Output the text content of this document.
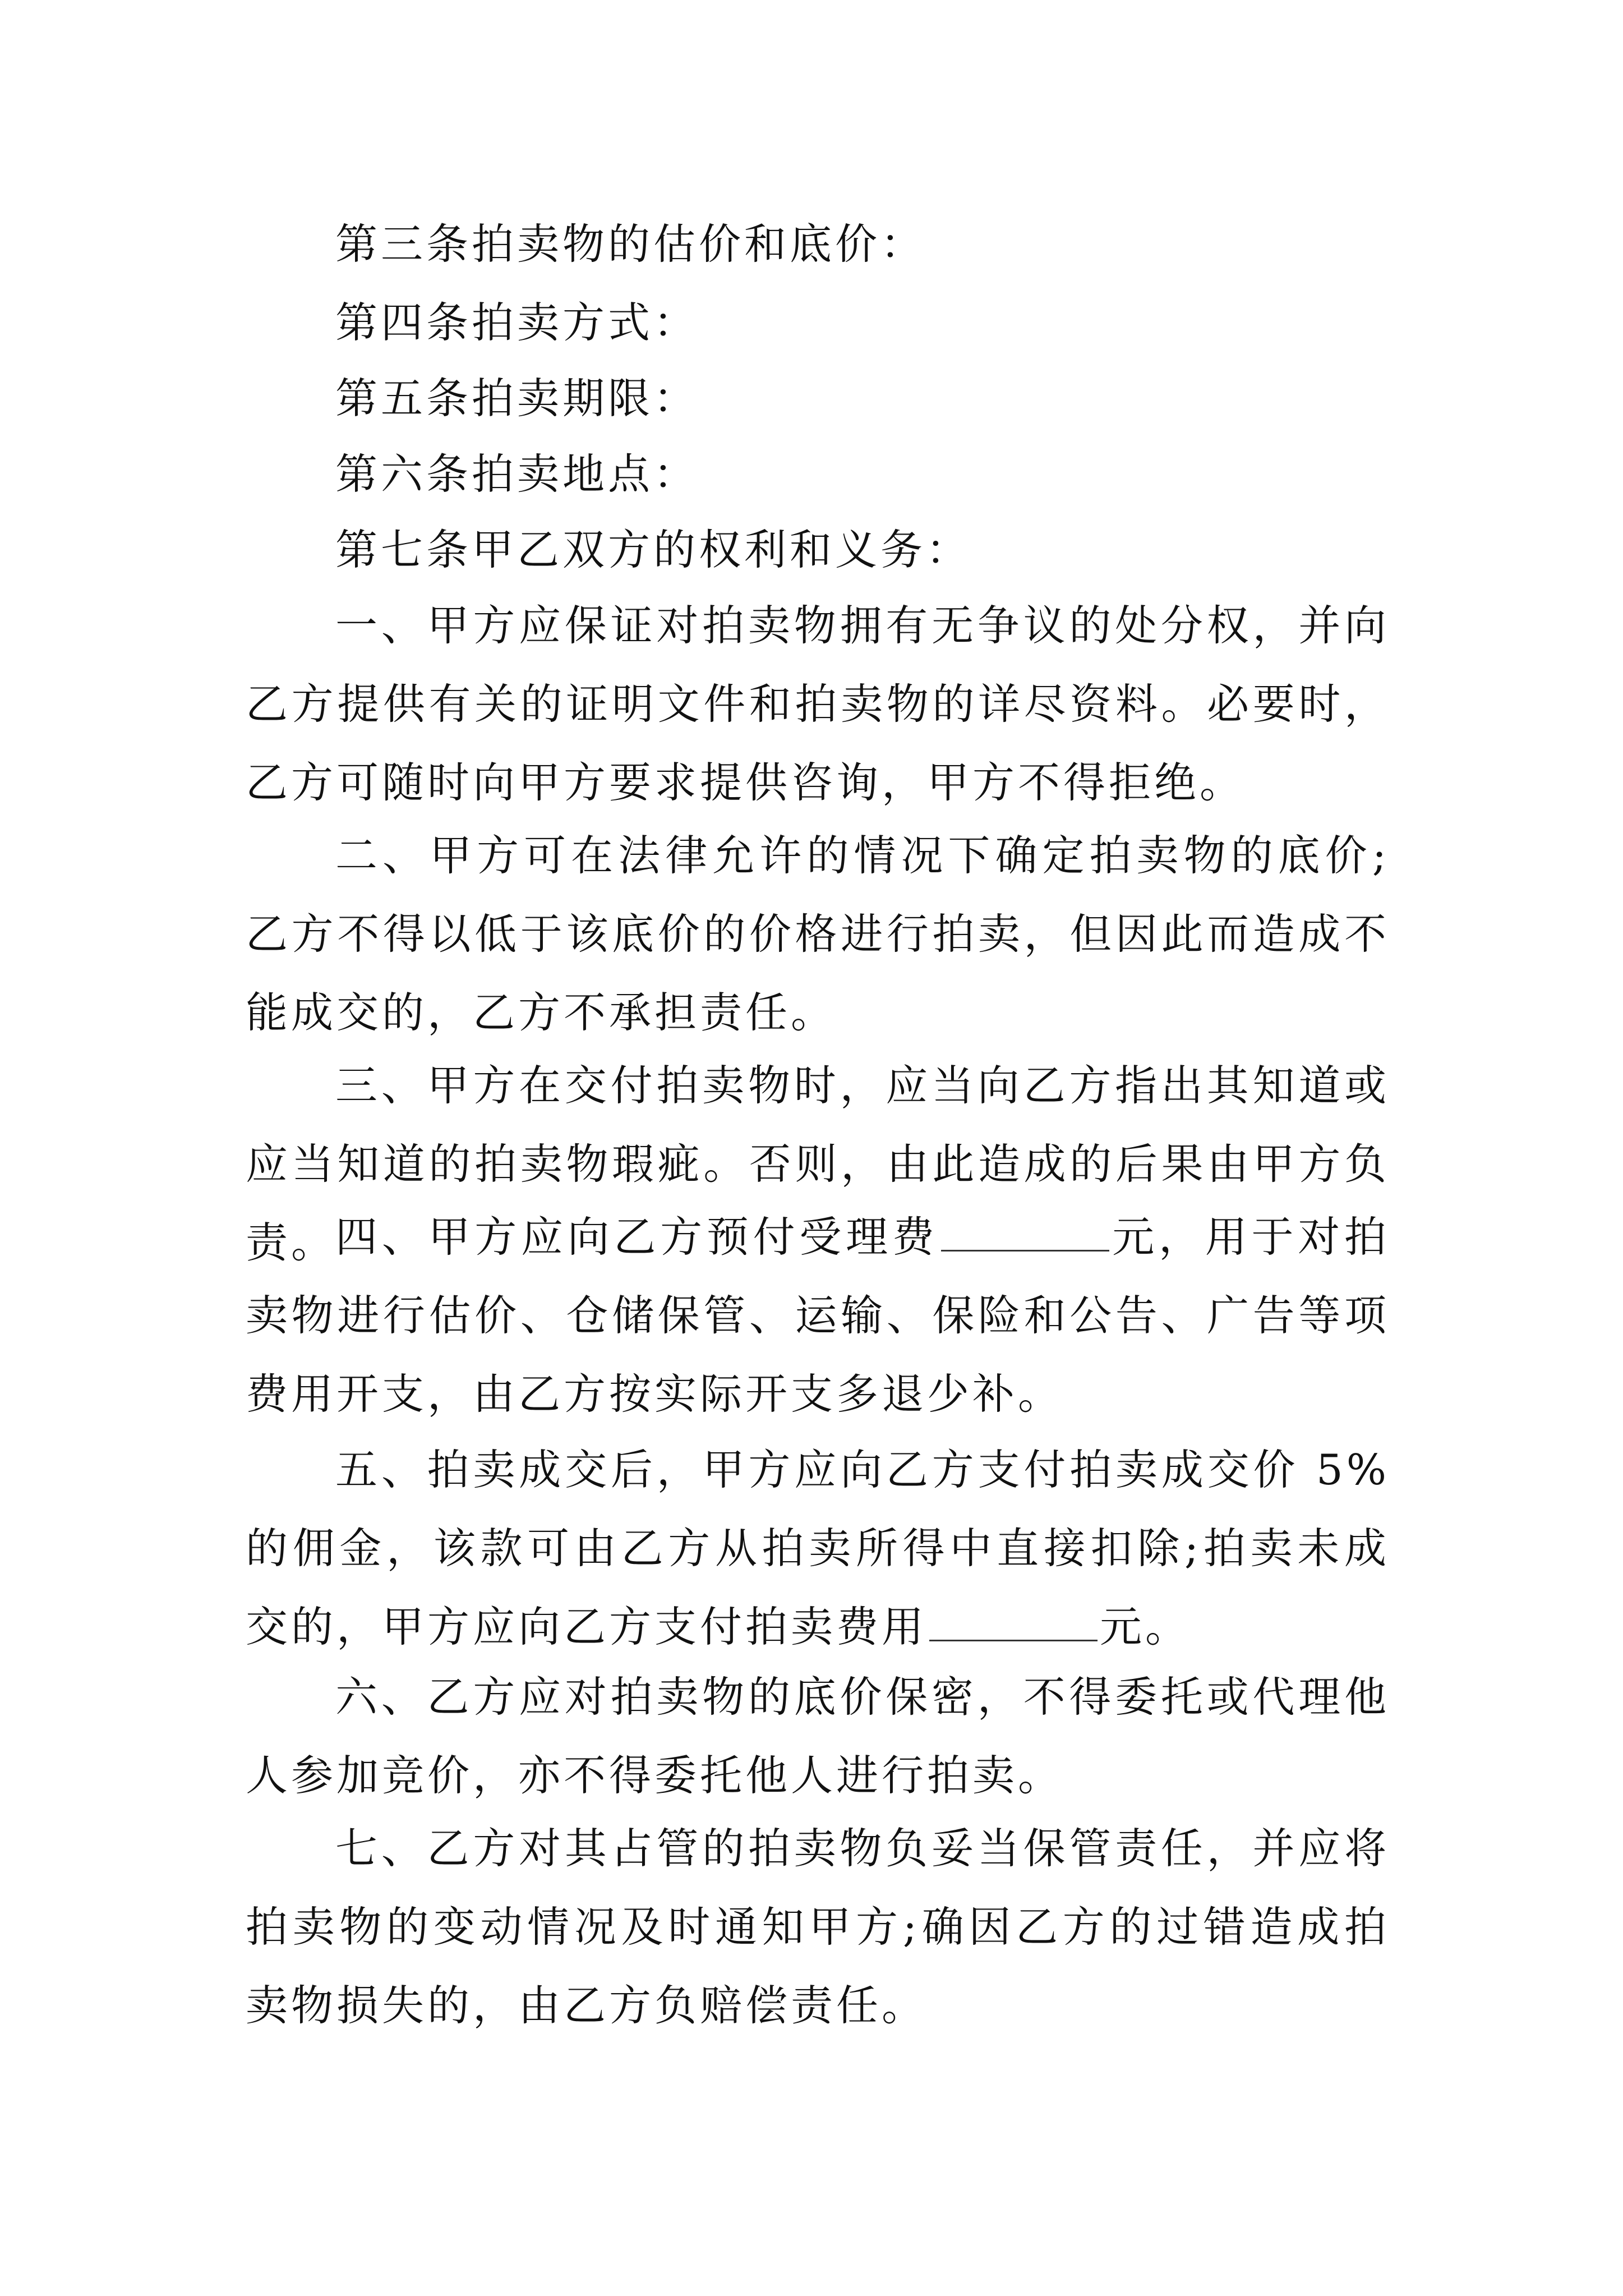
第三条拍卖物的估价和底价：

第四条拍卖方式：

第五条拍卖期限：

第六条拍卖地点：

第七条甲乙双方的权利和义务：

一、甲方应保证对拍卖物拥有无争议的处分权，并向乙方提供有关的证明文件和拍卖物的详尽资料。必要时，乙方可随时向甲方要求提供咨询，甲方不得拒绝。

二、甲方可在法律允许的情况下确定拍卖物的底价;乙方不得以低于该底价的价格进行拍卖，但因此而造成不能成交的，乙方不承担责任。

三、甲方在交付拍卖物时，应当向乙方指出其知道或应当知道的拍卖物瑕疵。否则，由此造成的后果由甲方负责。

四、甲方应向乙方预付受理费	元，用于对拍卖物进行估价、仓储保管、运输、保险和公告、广告等项费用开支，由乙方按实际开支多退少补。

五、拍卖成交后，甲方应向乙方支付拍卖成交价 5%的佣金，该款可由乙方从拍卖所得中直接扣除;拍卖未成交的，甲方应向乙方支付拍卖费用	元。

六、乙方应对拍卖物的底价保密，不得委托或代理他人参加竞价，亦不得委托他人进行拍卖。

七、乙方对其占管的拍卖物负妥当保管责任，并应将拍卖物的变动情况及时通知甲方;确因乙方的过错造成拍卖物损失的，由乙方负赔偿责任。
